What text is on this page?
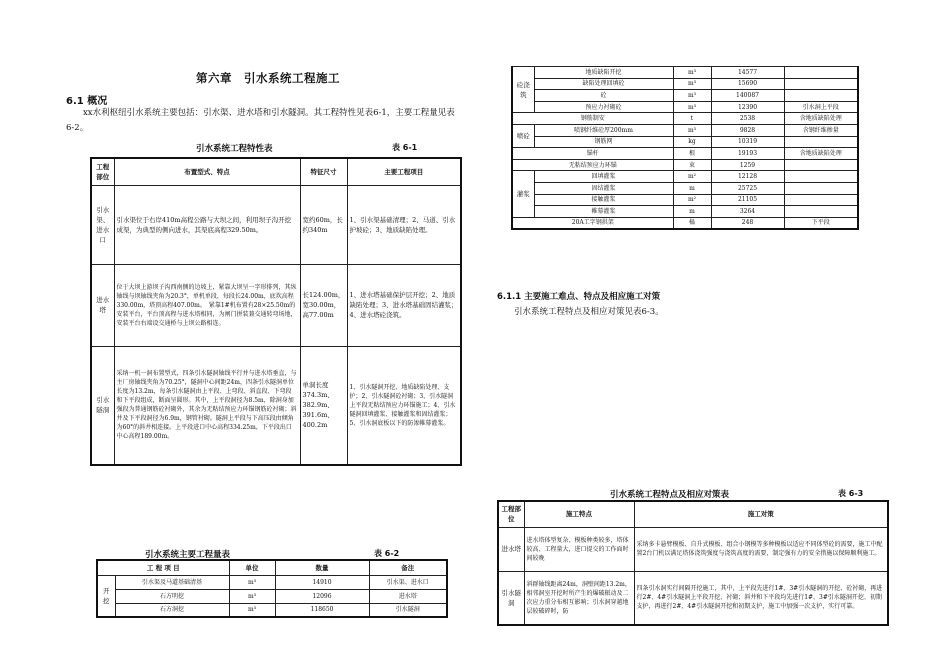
第六章　引水系统工程施工
6.1 概况
xx水利枢纽引水系统主要包括：引水渠、进水塔和引水隧洞。其工程特性见表6-1，主要工程量见表6-2。
引水系统工程特性表	表 6-1
工程部位	布置型式、特点	特征尺寸	主要工程项目
引水渠、进水口	引水渠位于右岸410m高程公路与大坝之间，利用坝子沟开挖成渠，为典型的侧向进水，其渠底高程329.50m。	宽约60m，长约340m	1、引水渠基础清理；2、马道、引水护坡砼；3、地质缺陷处理。
进水塔	位于大坝上游坝子沟西南侧的边坡上，紧靠大坝呈一字形排列，其纵轴线与坝轴线夹角为20.3°，单机单段，每段长24.00m，底坎高程330.00m，塔顶高程407.00m。　紧靠1#机布置有28×25.50m的安装平台，平台顶高程与进水塔相同，为闸门拼装兼交通转弯场地，安装平台右端设交通桥与上坝公路相连。	长124.00m，宽30.00m，高77.00m	1、进水塔基础保护层开挖；2、地质缺陷处理；3、进水塔基础固结灌浆；4、进水塔砼浇筑。
引水隧洞	采纳一机一洞布置型式，四条引水隧洞轴线平行并与进水塔垂直，与主厂房轴线夹角为70.25°，隧洞中心间距24m，四条引水隧洞单位长度为13.2m，每条引水隧洞由上平段、上弯段、斜直段、下弯段和下平段组成，断面呈圆形。其中，上平段洞径为8.5m，除洞身加强段为普通钢筋砼衬砌外，其余为无粘结预应力环锚钢筋砼衬砌；斜井及下平段洞径为6.9m，钢管衬砌。隧洞上平段与下高压段由倾角为60°的斜井相连接。上平段进口中心高程334.25m，下平段出口中心高程189.00m。	单洞长度374.3m、382.9m、391.6m、400.2m	1、引水隧洞开挖、地质缺陷处理、支护；2、引水隧洞砼衬砌；3、引水隧洞上平段无粘结预应力环锚施工；4、引水隧洞回填灌浆、接触灌浆和固结灌浆；5、引水洞底板以下的防渗帷幕灌浆。
引水系统主要工程量表	表 6-2
工 程 项 目		单位	数量	备注
开挖	引水渠及马道基础清基	m³	14910	引水渠、进水口
	石方明挖	m³	12096	进水塔
	石方洞挖	m³	118650	引水隧洞
砼浇筑	地质缺陷开挖	m³	14577	
	缺陷处理回填砼	m³	15690	
	砼	m³	140087	
	预应力衬砌砼	m³	12390	引水洞上平段
钢筋制安		t	2538	含地质缺陷处理
喷砼	喷钢纤维砼厚200mm	m³	9828	含钢纤维掺量
	钢筋网	kg	10319	
锚杆		根	19193	含地质缺陷处理
无粘结预应力环锚		束	1259	
灌浆	回填灌浆	m²	12128	
	固结灌浆	m	25725	
	接触灌浆	m²	21105	
	帷幕灌浆	m	3264	
20A工字钢拱架		榀	248	下平段
6.1.1 主要施工难点、特点及相应施工对策
引水系统工程特点及相应对策见表6-3。
引水系统工程特点及相应对策表	表 6-3
工程部位	施工特点	施工对策
进水塔	进水塔体型复杂、模板种类较多，塔体较高、工程量大，进口提交的工作面时间较晚	采纳多卡悬臂模板、自升式模板、组合小钢模等多种模板以适应不同体型砼的需要，施工中配置2台门机以满足塔体浇筑强度与浇筑高度的需要，制定强有力的安全措施以保障顺利施工。
引水隧洞	斜群轴线距离24m，洞壁间距13.2m，相邻洞室开挖时所产生的爆破振动及二次应力重分布相互影响；引水洞穿越地层较破碎时，防	四条引水洞实行间隔开挖施工，其中，上平段先进行1#、3#引水隧洞的开挖、砼衬砌，再进行2#、4#引水隧洞上平段开挖、衬砌；斜井和下平段均先进行1#、3#引水隧洞开挖、初期支护，再进行2#、4#引水隧洞开挖和初期支护，施工中加强一次支护，实行可靠。
